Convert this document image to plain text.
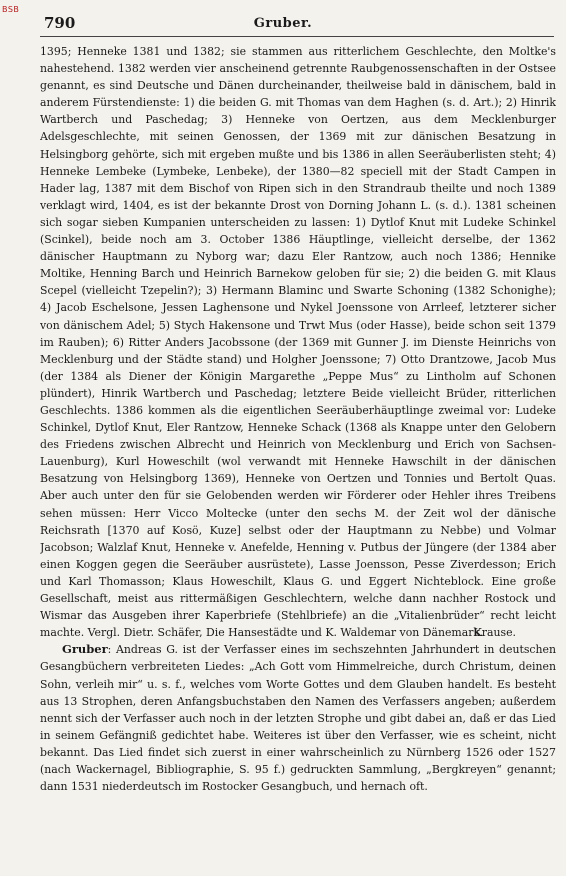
BSB
790	Gruber.

1395; Henneke 1381 und 1382; sie stammen aus ritterlichem Geschlechte, den Moltke's nahestehend. 1382 werden vier anscheinend getrennte Raubgenossenschaften in der Ostsee genannt, es sind Deutsche und Dänen durcheinander, theilweise bald in dänischem, bald in anderem Fürstendienste: 1) die beiden G. mit Thomas van dem Haghen (s. d. Art.); 2) Hinrik Wartberch und Paschedag; 3) Henneke von Oertzen, aus dem Mecklenburger Adelsgeschlechte, mit seinen Genossen, der 1369 mit zur dänischen Besatzung in Helsingborg gehörte, sich mit ergeben mußte und bis 1386 in allen Seeräuberlisten steht; 4) Henneke Lembeke (Lymbeke, Lenbeke), der 1380—82 speciell mit der Stadt Campen in Hader lag, 1387 mit dem Bischof von Ripen sich in den Strandraub theilte und noch 1389 verklagt wird, 1404, es ist der bekannte Drost von Dorning Johann L. (s. d.). 1381 scheinen sich sogar sieben Kumpanien unterscheiden zu lassen: 1) Dytlof Knut mit Ludeke Schinkel (Scinkel), beide noch am 3. October 1386 Häuptlinge, vielleicht derselbe, der 1362 dänischer Hauptmann zu Nyborg war; dazu Eler Rantzow, auch noch 1386; Hennike Moltike, Henning Barch und Heinrich Barnekow geloben für sie; 2) die beiden G. mit Klaus Scepel (vielleicht Tzepelin?); 3) Hermann Blaminc und Swarte Schoning (1382 Schonighe); 4) Jacob Eschelsone, Jessen Laghensone und Nykel Joenssone von Arrleef, letzterer sicher von dänischem Adel; 5) Stych Hakensone und Trwt Mus (oder Hasse), beide schon seit 1379 im Rauben); 6) Ritter Anders Jacobssone (der 1369 mit Gunner J. im Dienste Heinrichs von Mecklenburg und der Städte stand) und Holgher Joenssone; 7) Otto Drantzowe, Jacob Mus (der 1384 als Diener der Königin Margarethe „Peppe Mus“ zu Lintholm auf Schonen plündert), Hinrik Wartberch und Paschedag; letztere Beide vielleicht Brüder, ritterlichen Geschlechts. 1386 kommen als die eigentlichen Seeräuberhäuptlinge zweimal vor: Ludeke Schinkel, Dytlof Knut, Eler Rantzow, Henneke Schack (1368 als Knappe unter den Gelobern des Friedens zwischen Albrecht und Heinrich von Mecklenburg und Erich von Sachsen-Lauenburg), Kurl Howeschilt (wol verwandt mit Henneke Hawschilt in der dänischen Besatzung von Helsingborg 1369), Henneke von Oertzen und Tonnies und Bertolt Quas. Aber auch unter den für sie Gelobenden werden wir Förderer oder Hehler ihres Treibens sehen müssen: Herr Vicco Moltecke (unter den sechs M. der Zeit wol der dänische Reichsrath [1370 auf Kosö, Kuze] selbst oder der Hauptmann zu Nebbe) und Volmar Jacobson; Walzlaf Knut, Henneke v. Anefelde, Henning v. Putbus der Jüngere (der 1384 aber einen Koggen gegen die Seeräuber ausrüstete), Lasse Joensson, Pesse Ziverdesson; Erich und Karl Thomasson; Klaus Howeschilt, Klaus G. und Eggert Nichteblock. Eine große Gesellschaft, meist aus rittermäßigen Geschlechtern, welche dann nachher Rostock und Wismar das Ausgeben ihrer Kaperbriefe (Stehlbriefe) an die „Vitalienbrüder“ recht leicht machte. Vergl. Dietr. Schäfer, Die Hansestädte und K. Waldemar von Dänemark.
Krause.

Gruber: Andreas G. ist der Verfasser eines im sechszehnten Jahrhundert in deutschen Gesangbüchern verbreiteten Liedes: „Ach Gott vom Himmelreiche, durch Christum, deinen Sohn, verleih mir“ u. s. f., welches vom Worte Gottes und dem Glauben handelt. Es besteht aus 13 Strophen, deren Anfangsbuchstaben den Namen des Verfassers angeben; außerdem nennt sich der Verfasser auch noch in der letzten Strophe und gibt dabei an, daß er das Lied in seinem Gefängniß gedichtet habe. Weiteres ist über den Verfasser, wie es scheint, nicht bekannt. Das Lied findet sich zuerst in einer wahrscheinlich zu Nürnberg 1526 oder 1527 (nach Wackernagel, Bibliographie, S. 95 f.) gedruckten Sammlung, „Bergkreyen“ genannt; dann 1531 niederdeutsch im Rostocker Gesangbuch, und hernach oft.
